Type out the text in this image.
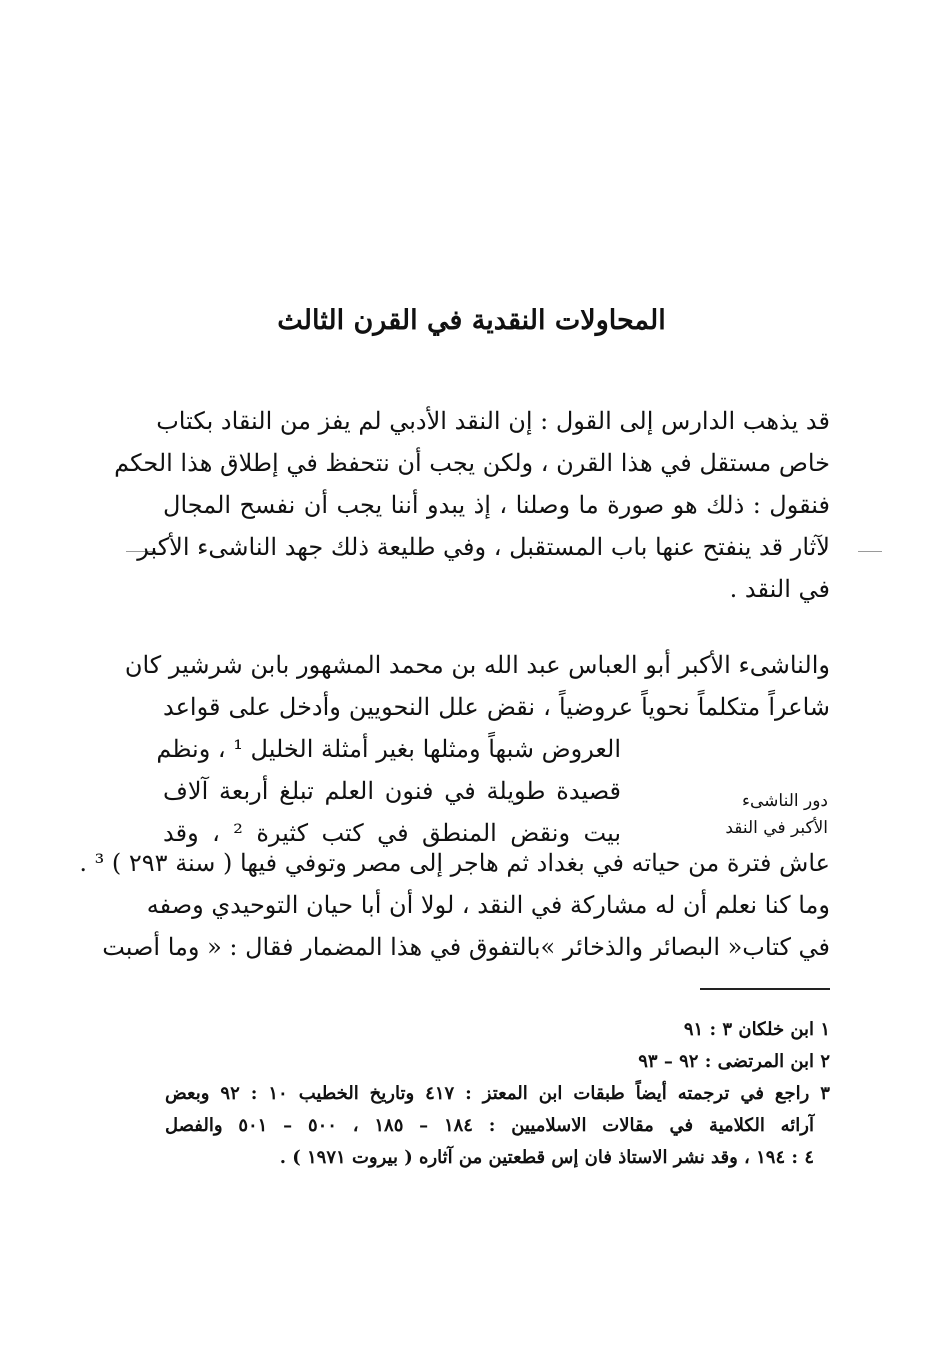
المحاولات النقدية في القرن الثالث
قد يذهب الدارس إلى القول : إن النقد الأدبي لم يفز من النقاد بكتاب
خاص مستقل في هذا القرن ، ولكن يجب أن نتحفظ في إطلاق هذا الحكم
فنقول : ذلك هو صورة ما وصلنا ، إذ يبدو أننا يجب أن نفسح المجال
لآثار قد ينفتح عنها باب المستقبل ، وفي طليعة ذلك جهد الناشىء الأكبر
في النقد .
والناشىء الأكبر أبو العباس عبد الله بن محمد المشهور بابن شرشير كان
شاعراً متكلماً نحوياً عروضياً ، نقض علل النحويين وأدخل على قواعد
العروض شبهاً ومثلها بغير أمثلة الخليل ¹ ، ونظم
قصيدة طويلة في فنون العلم تبلغ أربعة آلاف
بيت ونقض المنطق في كتب كثيرة ² ، وقد
دور الناشىء
الأكبر في النقد
عاش فترة من حياته في بغداد ثم هاجر إلى مصر وتوفي فيها ( سنة ٢٩٣ ) ³ .
وما كنا نعلم أن له مشاركة في النقد ، لولا أن أبا حيان التوحيدي وصفه
في كتاب« البصائر والذخائر »بالتفوق في هذا المضمار فقال : « وما أصبت
١ ابن خلكان ٣ : ٩١
٢ ابن المرتضى : ٩٢ – ٩٣
٣ راجع في ترجمته أيضاً طبقات ابن المعتز : ٤١٧ وتاريخ الخطيب ١٠ : ٩٢ وبعض
آرائه الكلامية في مقالات الاسلاميين : ١٨٤ – ١٨٥ ، ٥٠٠ – ٥٠١ والفصل
٤ : ١٩٤ ، وقد نشر الاستاذ فان إس قطعتين من آثاره ( بيروت ١٩٧١ ) .
